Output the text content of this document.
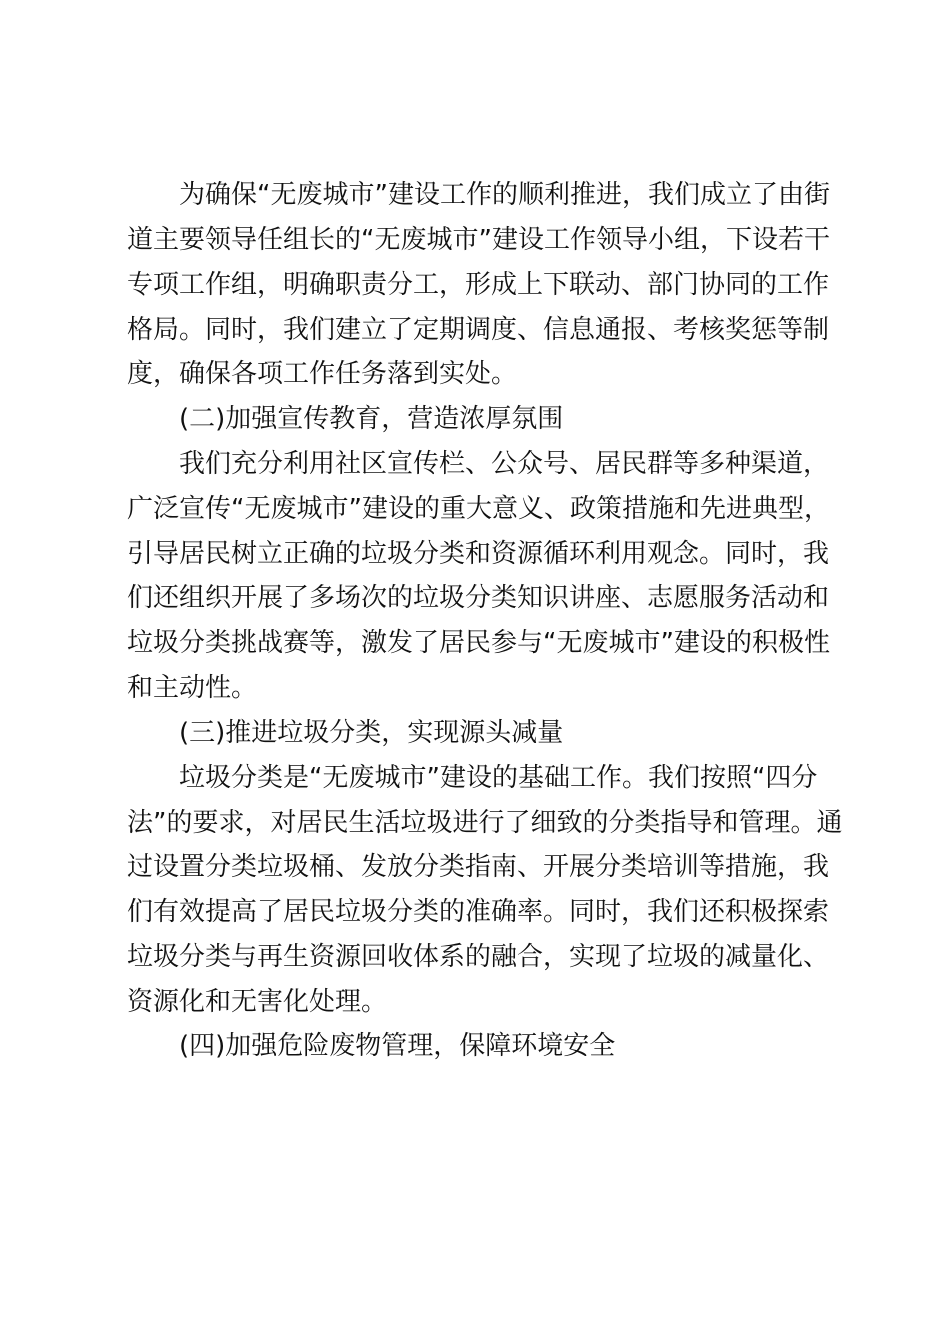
为确保“无废城市”建设工作的顺利推进，我们成立了由街
道主要领导任组长的“无废城市”建设工作领导小组，下设若干
专项工作组，明确职责分工，形成上下联动、部门协同的工作
格局。同时，我们建立了定期调度、信息通报、考核奖惩等制
度，确保各项工作任务落到实处。
(二)加强宣传教育，营造浓厚氛围
我们充分利用社区宣传栏、公众号、居民群等多种渠道，
广泛宣传“无废城市”建设的重大意义、政策措施和先进典型，
引导居民树立正确的垃圾分类和资源循环利用观念。同时，我
们还组织开展了多场次的垃圾分类知识讲座、志愿服务活动和
垃圾分类挑战赛等，激发了居民参与“无废城市”建设的积极性
和主动性。
(三)推进垃圾分类，实现源头减量
垃圾分类是“无废城市”建设的基础工作。我们按照“四分
法”的要求，对居民生活垃圾进行了细致的分类指导和管理。通
过设置分类垃圾桶、发放分类指南、开展分类培训等措施，我
们有效提高了居民垃圾分类的准确率。同时，我们还积极探索
垃圾分类与再生资源回收体系的融合，实现了垃圾的减量化、
资源化和无害化处理。
(四)加强危险废物管理，保障环境安全
